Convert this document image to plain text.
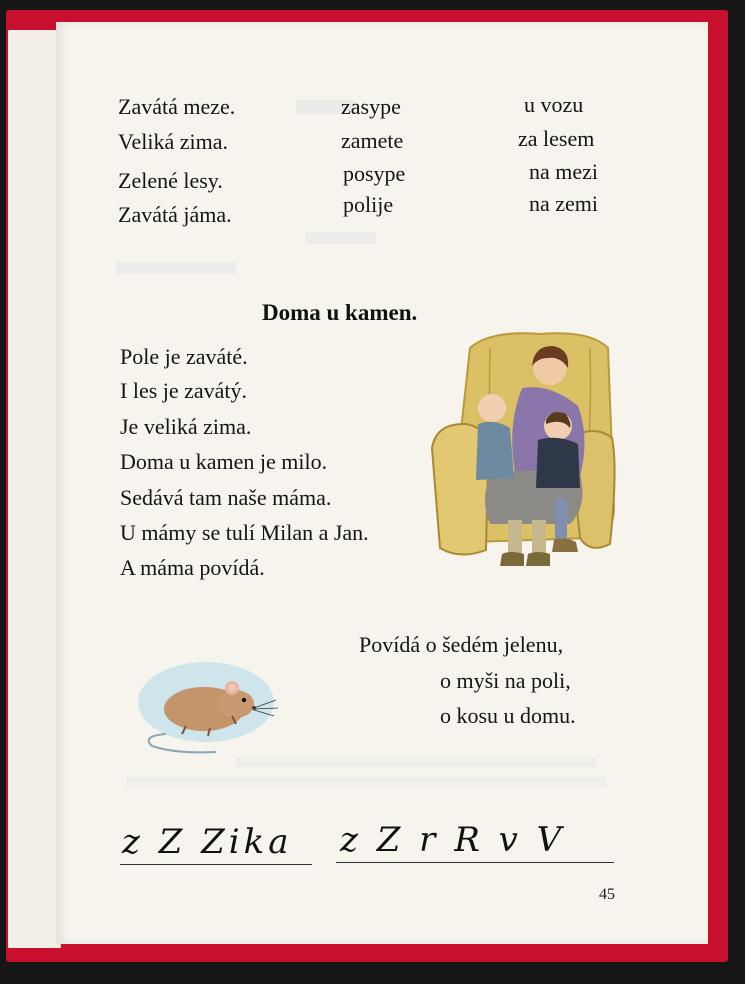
Zavátá meze.
Veliká zima.
Zelené lesy.
Zavátá jáma.
zasype
zamete
posype
polije
u vozu
za lesem
na mezi
na zemi
Doma u kamen.
Pole je zaváté.
I les je zavátý.
Je veliká zima.
Doma u kamen je milo.
Sedává tam naše máma.
U mámy se tulí Milan a Jan.
A máma povídá.
Povídá o šedém jelenu,
o myši na poli,
o kosu u domu.
z Z Zika z Z r R v V
45
